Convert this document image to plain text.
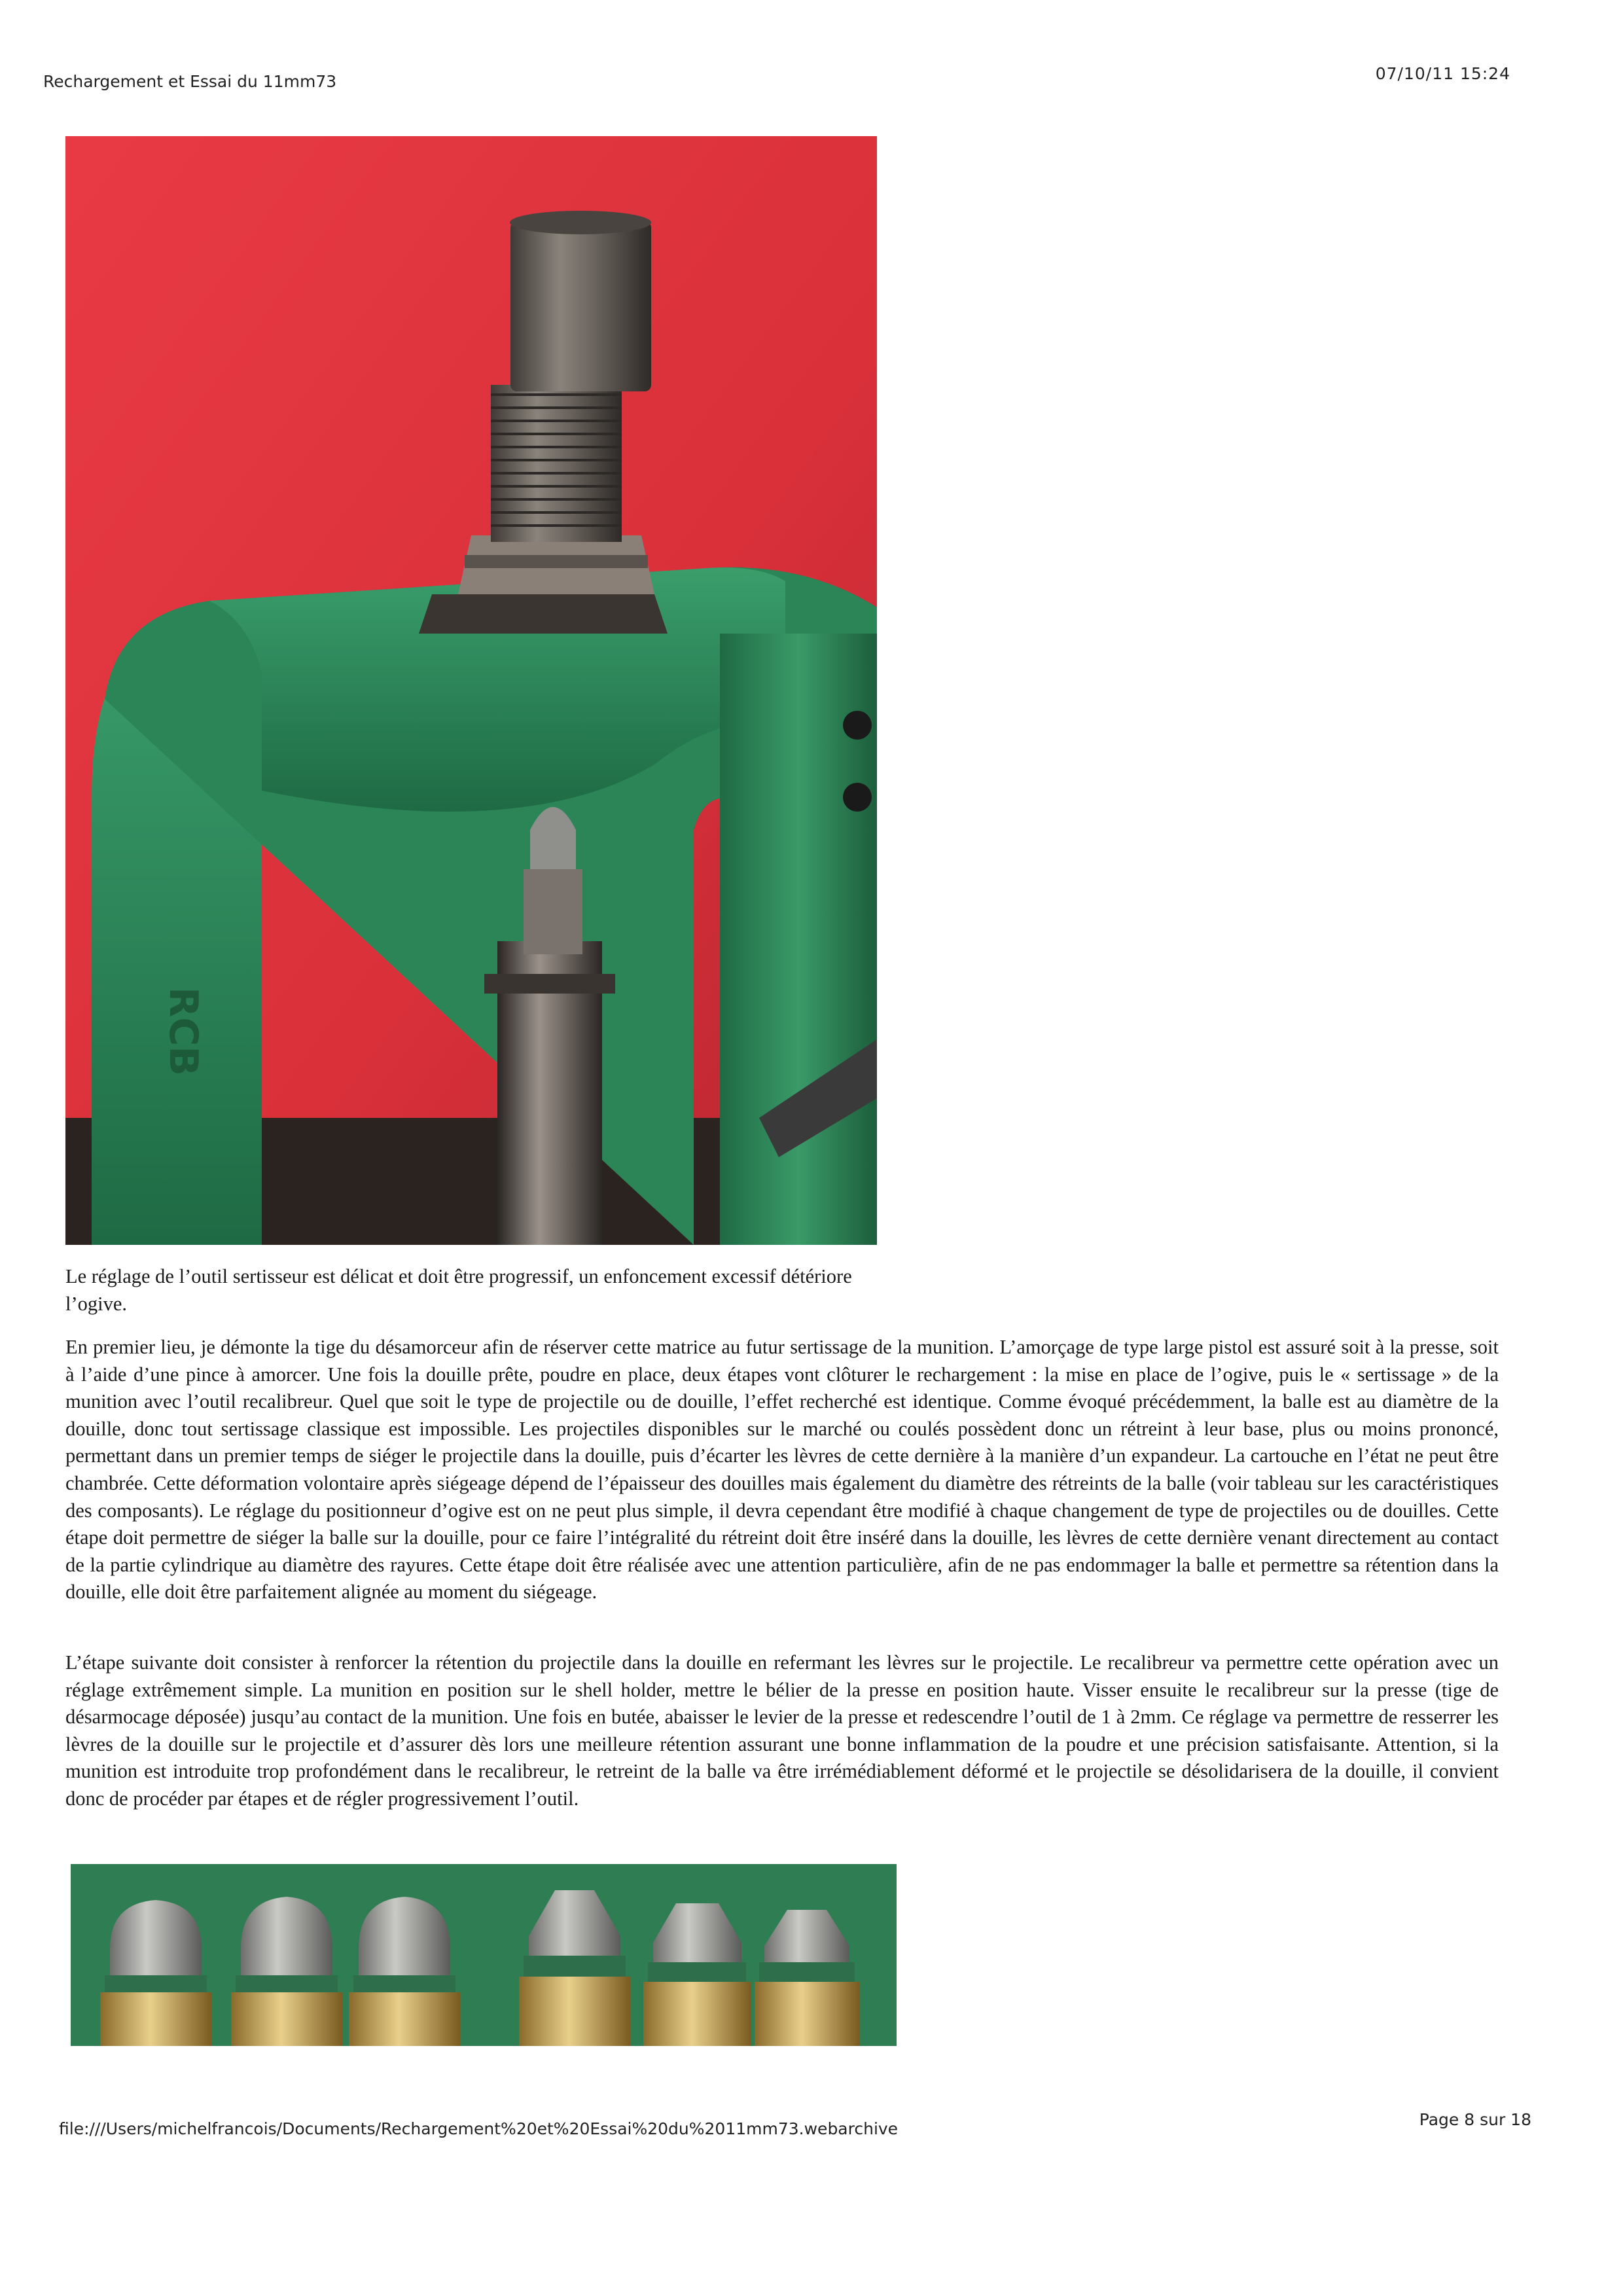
Rechargement et Essai du 11mm73	07/10/11 15:24
RCB
Le réglage de l’outil sertisseur est délicat et doit être progressif, un enfoncement excessif détériore l’ogive.
En premier lieu, je démonte la tige du désamorceur afin de réserver cette matrice au futur sertissage de la munition. L’amorçage de type large pistol est assuré soit à la presse, soit à l’aide d’une pince à amorcer. Une fois la douille prête, poudre en place, deux étapes vont clôturer le rechargement : la mise en place de l’ogive, puis le « sertissage » de la munition avec l’outil recalibreur. Quel que soit le type de projectile ou de douille, l’effet recherché est identique. Comme évoqué précédemment, la balle est au diamètre de la douille, donc tout sertissage classique est impossible. Les projectiles disponibles sur le marché ou coulés possèdent donc un rétreint à leur base, plus ou moins prononcé, permettant dans un premier temps de siéger le projectile dans la douille, puis d’écarter les lèvres de cette dernière à la manière d’un expandeur. La cartouche en l’état ne peut être chambrée. Cette déformation volontaire après siégeage dépend de l’épaisseur des douilles mais également du diamètre des rétreints de la balle (voir tableau sur les caractéristiques des composants). Le réglage du positionneur d’ogive est on ne peut plus simple, il devra cependant être modifié à chaque changement de type de projectiles ou de douilles. Cette étape doit permettre de siéger la balle sur la douille, pour ce faire l’intégralité du rétreint doit être inséré dans la douille, les lèvres de cette dernière venant directement au contact de la partie cylindrique au diamètre des rayures. Cette étape doit être réalisée avec une attention particulière, afin de ne pas endommager la balle et permettre sa rétention dans la douille, elle doit être parfaitement alignée au moment du siégeage.
L’étape suivante doit consister à renforcer la rétention du projectile dans la douille en refermant les lèvres sur le projectile. Le recalibreur va permettre cette opération avec un réglage extrêmement simple. La munition en position sur le shell holder, mettre le bélier de la presse en position haute. Visser ensuite le recalibreur sur la presse (tige de désarmocage déposée) jusqu’au contact de la munition. Une fois en butée, abaisser le levier de la presse et redescendre l’outil de 1 à 2mm. Ce réglage va permettre de resserrer les lèvres de la douille sur le projectile et d’assurer dès lors une meilleure rétention assurant une bonne inflammation de la poudre et une précision satisfaisante. Attention, si la munition est introduite trop profondément dans le recalibreur, le retreint de la balle va être irrémédiablement déformé et le projectile se désolidarisera de la douille, il convient donc de procéder par étapes et de régler progressivement l’outil.
file:///Users/michelfrancois/Documents/Rechargement%20et%20Essai%20du%2011mm73.webarchive	Page 8 sur 18
